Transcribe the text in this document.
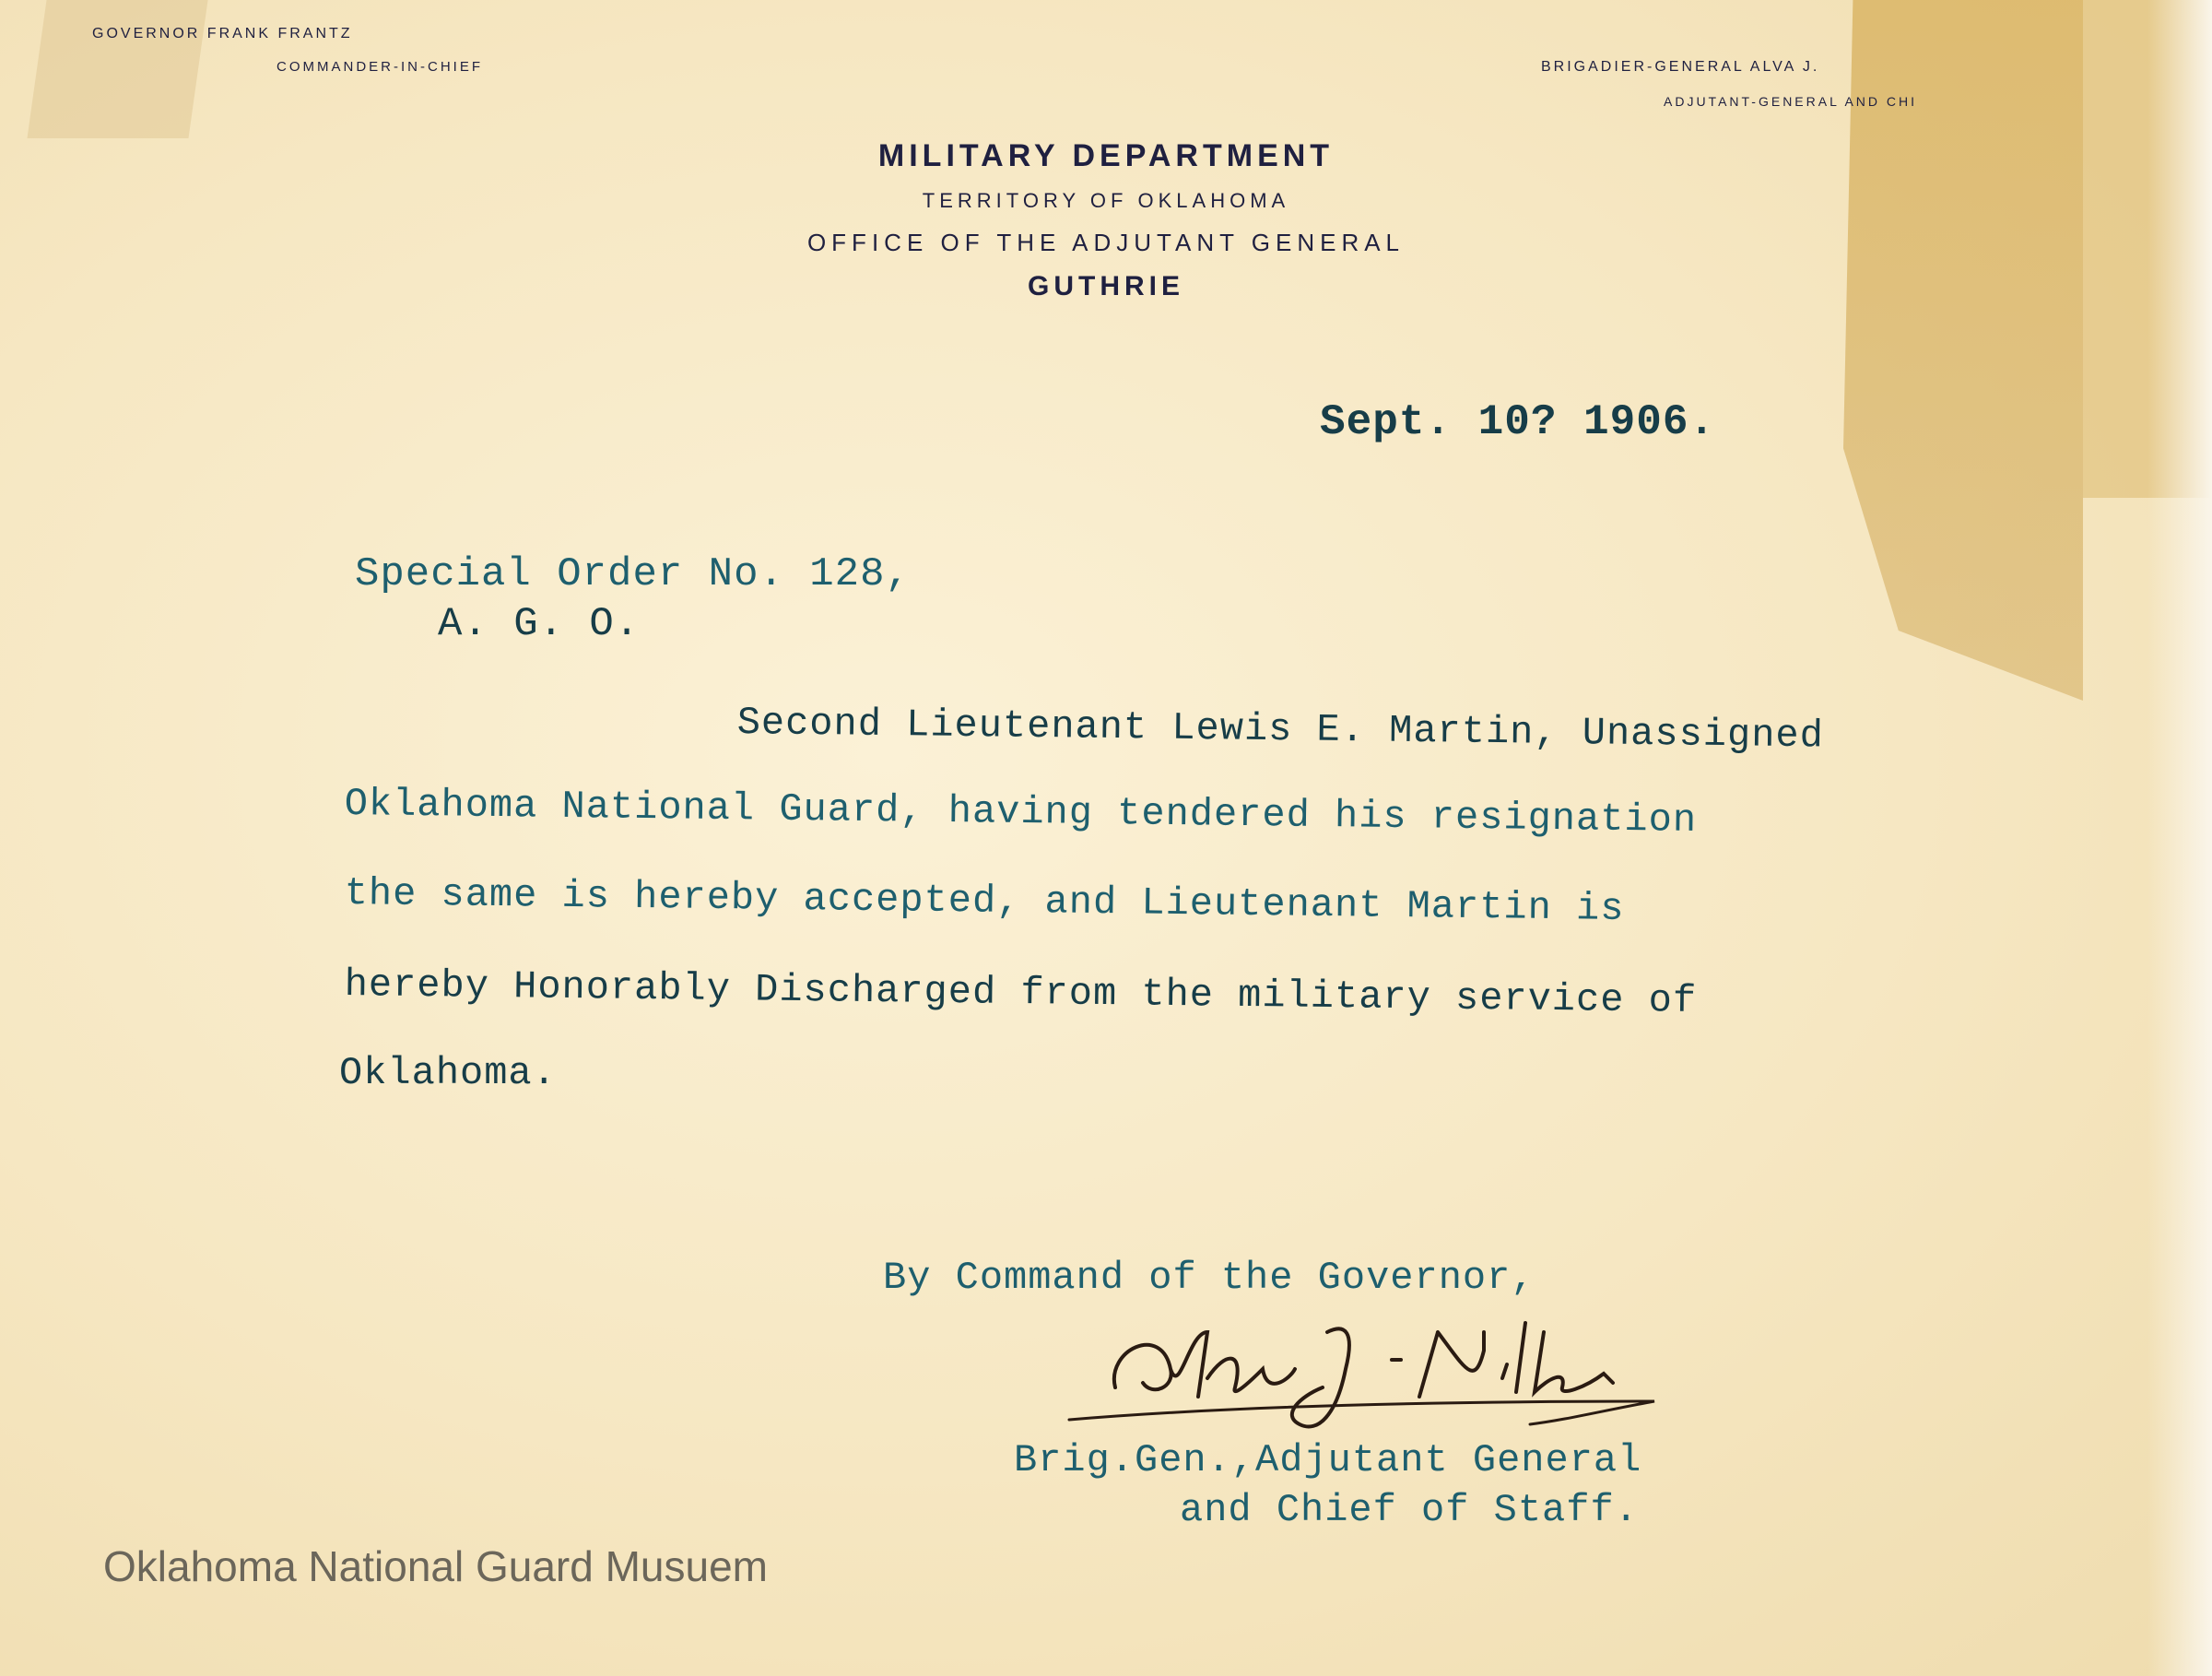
GOVERNOR FRANK FRANTZ
COMMANDER-IN-CHIEF	BRIGADIER-GENERAL ALVA J.
ADJUTANT-GENERAL AND CHI
MILITARY DEPARTMENT
TERRITORY OF OKLAHOMA
OFFICE OF THE ADJUTANT GENERAL
GUTHRIE
Sept. 10? 1906.
Special Order No. 128,
A. G. O.
Second Lieutenant Lewis E. Martin, Unassigned
Oklahoma National Guard, having tendered his resignation
the same is hereby accepted, and Lieutenant Martin is
hereby Honorably Discharged from the military service of
Oklahoma.
By Command of the Governor,
Brig.Gen.,Adjutant General
and Chief of Staff.
Oklahoma National Guard Musuem
